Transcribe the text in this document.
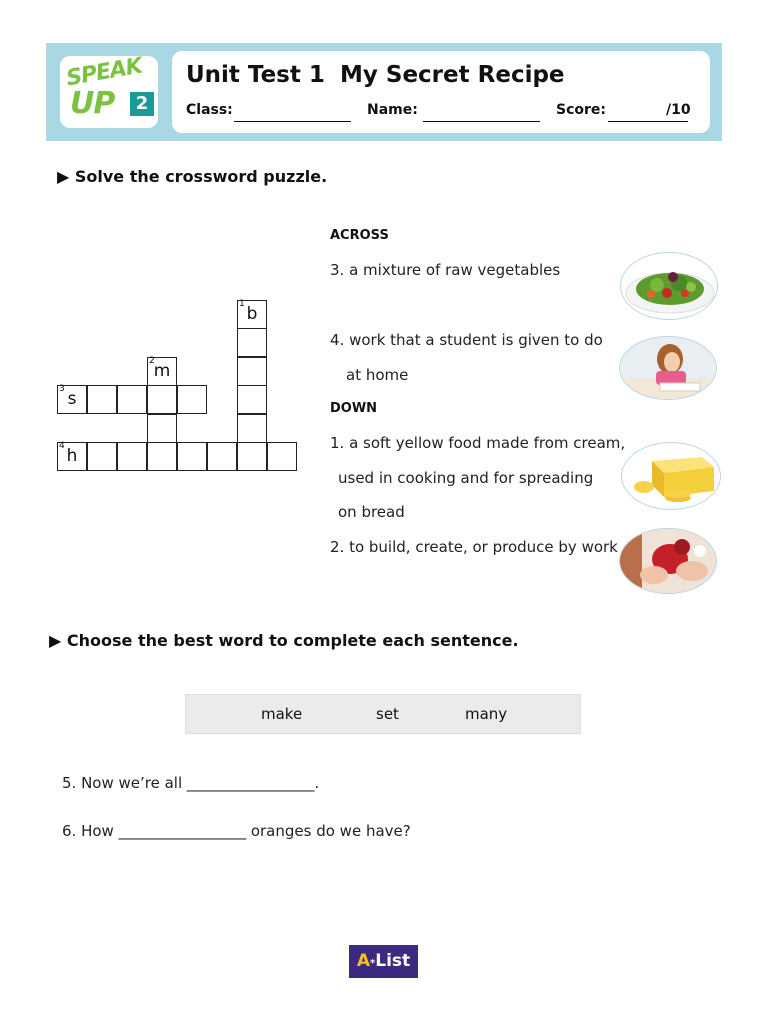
SPEAK
UP	2
Unit Test 1 My Secret Recipe
Class:	Name:	Score:	/10
▶ Solve the crossword puzzle.
1 b
2
m
3 s
4 h
ACROSS
3. a mixture of raw vegetables
4. work that a student is given to do
at home
DOWN
1. a soft yellow food made from cream,
used in cooking and for spreading
on bread
2. to build, create, or produce by work
▶ Choose the best word to complete each sentence.
make	set	many
5. Now we’re all _________________.
6. How _________________ oranges do we have?
A*List
